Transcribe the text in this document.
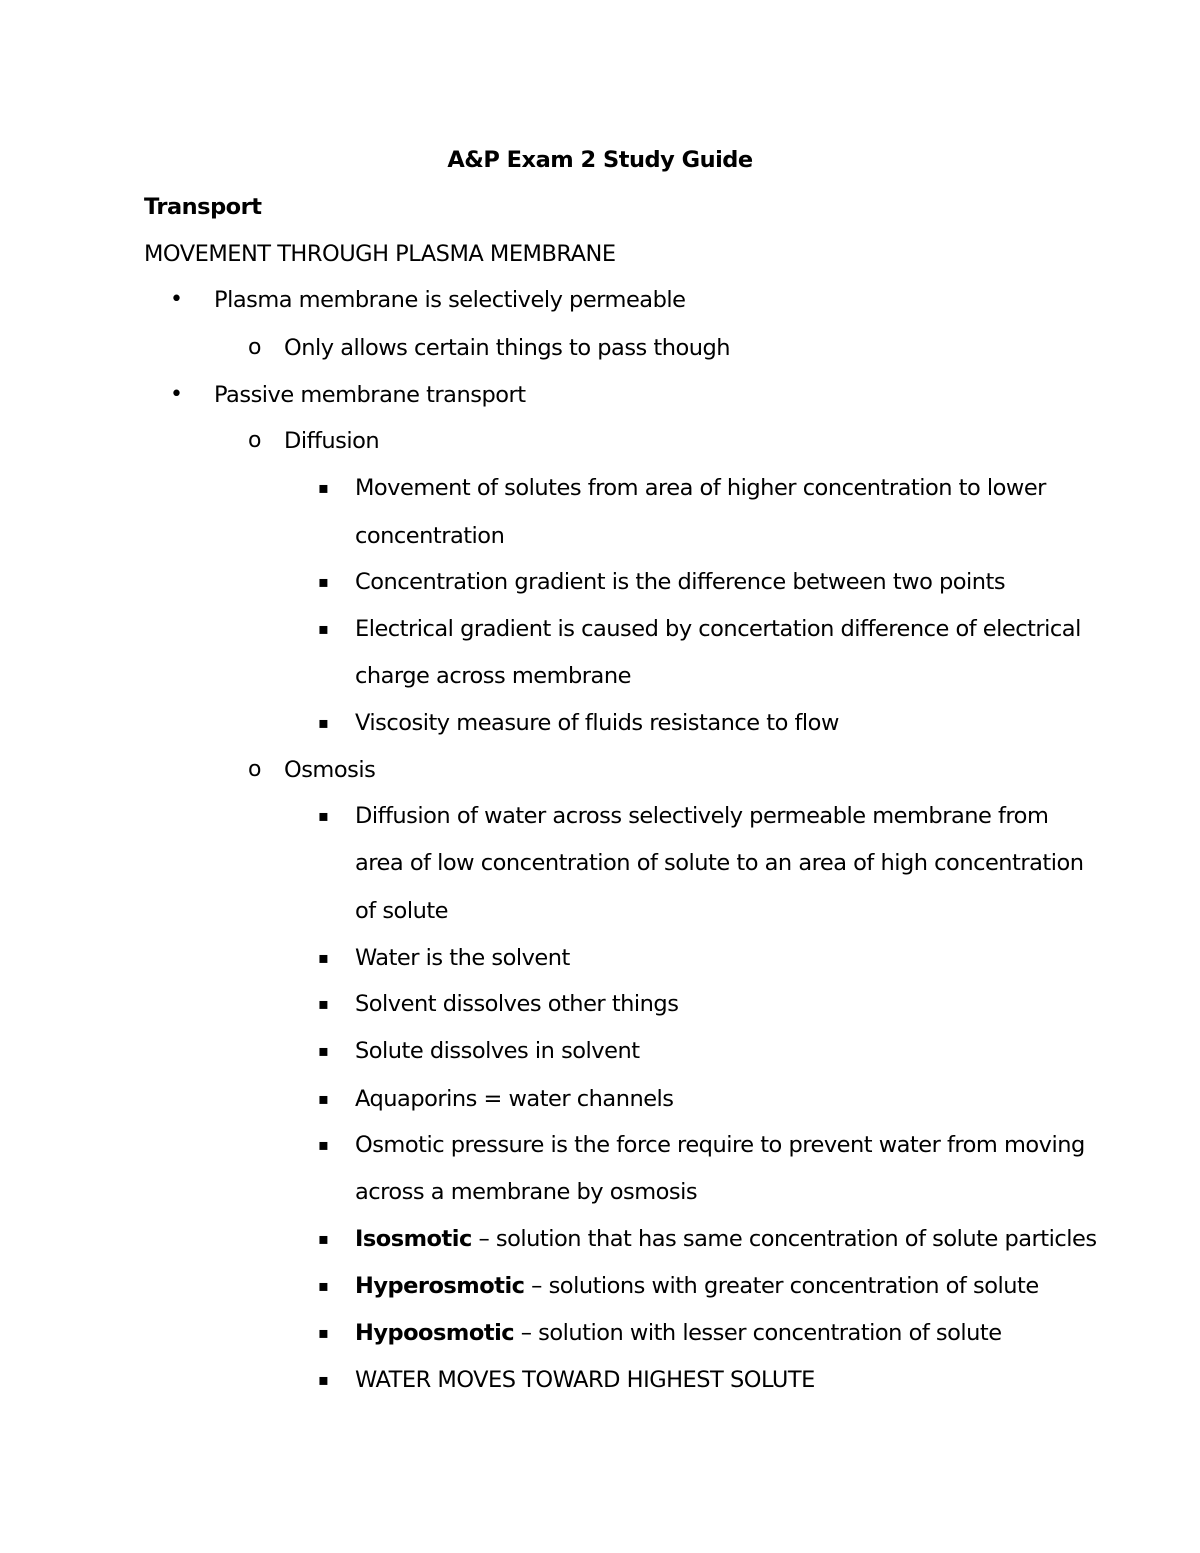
A&P Exam 2 Study Guide
Transport
MOVEMENT THROUGH PLASMA MEMBRANE
• Plasma membrane is selectively permeable
o Only allows certain things to pass though
• Passive membrane transport
o Diffusion
▪ Movement of solutes from area of higher concentration to lower
concentration
▪ Concentration gradient is the difference between two points
▪ Electrical gradient is caused by concertation difference of electrical
charge across membrane
▪ Viscosity measure of fluids resistance to flow
o Osmosis
▪ Diffusion of water across selectively permeable membrane from
area of low concentration of solute to an area of high concentration
of solute
▪ Water is the solvent
▪ Solvent dissolves other things
▪ Solute dissolves in solvent
▪ Aquaporins = water channels
▪ Osmotic pressure is the force require to prevent water from moving
across a membrane by osmosis
▪ Isosmotic – solution that has same concentration of solute particles
▪ Hyperosmotic – solutions with greater concentration of solute
▪ Hypoosmotic – solution with lesser concentration of solute
▪ WATER MOVES TOWARD HIGHEST SOLUTE
